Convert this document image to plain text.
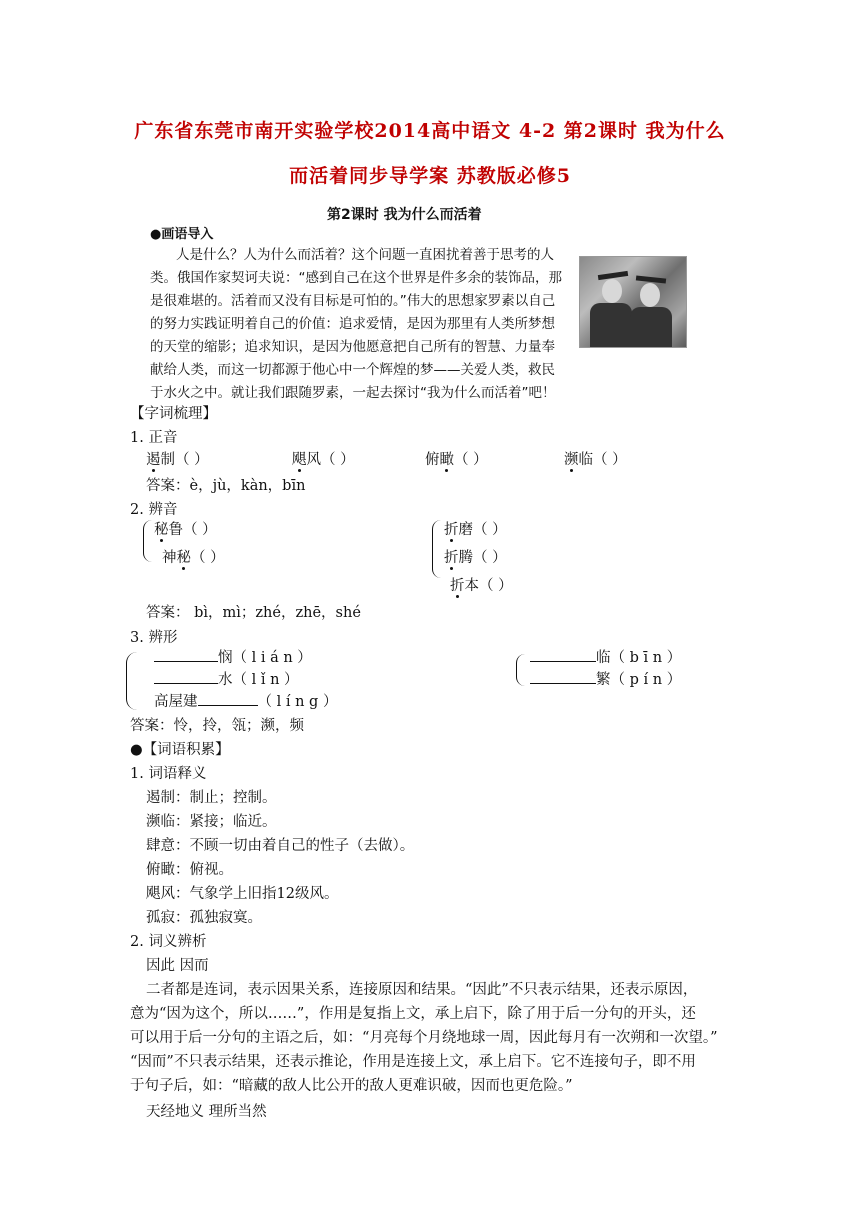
广东省东莞市南开实验学校2014高中语文 4-2 第2课时 我为什么
而活着同步导学案 苏教版必修5
第2课时 我为什么而活着
●画语导入
人是什么？人为什么而活着？这个问题一直困扰着善于思考的人
类。俄国作家契诃夫说：“感到自己在这个世界是件多余的装饰品，那
是很难堪的。活着而又没有目标是可怕的。”伟大的思想家罗素以自己
的努力实践证明着自己的价值：追求爱情，是因为那里有人类所梦想
的天堂的缩影；追求知识，是因为他愿意把自己所有的智慧、力量奉
献给人类，而这一切都源于他心中一个辉煌的梦——关爱人类，救民
于水火之中。就让我们跟随罗素，一起去探讨“我为什么而活着”吧！
【字词梳理】
1. 正音
遏制（ ）	飓风（ ）	俯瞰（ ）	濒临（ ）
答案：è，jù，kàn，bīn
2. 辨音
秘鲁（ ）
神秘（ ）
折磨（ ）
折腾（ ）
折本（ ）
答案： bì，mì；zhé，zhē，shé
3. 辨形
悯（ l i á n ）
水（ l ǐ n ）
高屋建	（ l í n g ）
临（ b ī n ）
繁（ p í n ）
答案：怜，拎，瓴；濒，频
●【词语积累】
1. 词语释义
遏制：制止；控制。
濒临：紧接；临近。
肆意：不顾一切由着自己的性子（去做）。
俯瞰：俯视。
飓风：气象学上旧指12级风。
孤寂：孤独寂寞。
2. 词义辨析
因此 因而
二者都是连词，表示因果关系，连接原因和结果。“因此”不只表示结果，还表示原因，
意为“因为这个，所以……”，作用是复指上文，承上启下，除了用于后一分句的开头，还
可以用于后一分句的主语之后，如：“月亮每个月绕地球一周，因此每月有一次朔和一次望。”
“因而”不只表示结果，还表示推论，作用是连接上文，承上启下。它不连接句子，即不用
于句子后，如：“暗藏的敌人比公开的敌人更难识破，因而也更危险。”
天经地义 理所当然
